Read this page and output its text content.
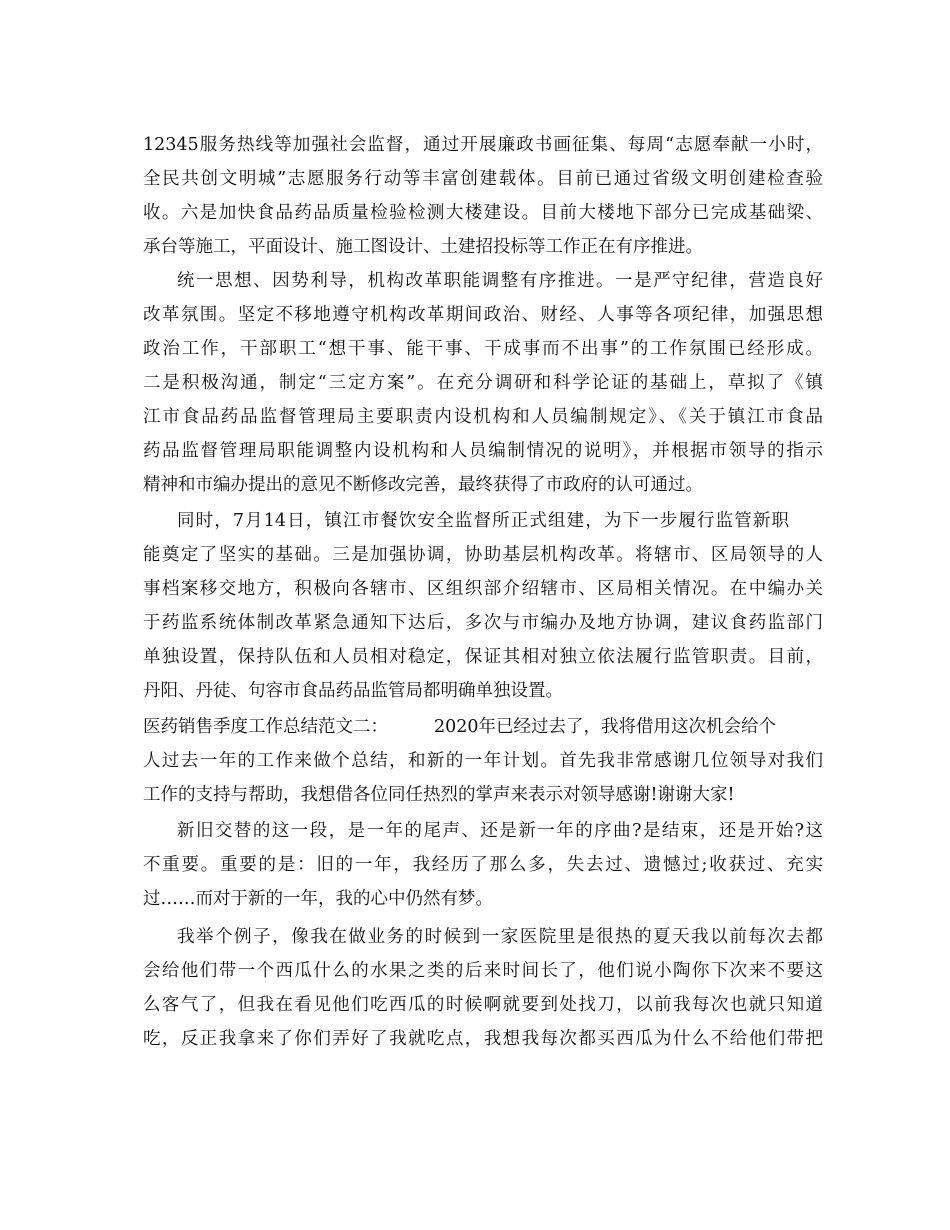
12345服务热线等加强社会监督，通过开展廉政书画征集、每周“志愿奉献一小时，

全民共创文明城”志愿服务行动等丰富创建载体。目前已通过省级文明创建检查验

收。六是加快食品药品质量检验检测大楼建设。目前大楼地下部分已完成基础梁、

承台等施工，平面设计、施工图设计、土建招投标等工作正在有序推进。

统一思想、因势利导，机构改革职能调整有序推进。一是严守纪律，营造良好

改革氛围。坚定不移地遵守机构改革期间政治、财经、人事等各项纪律，加强思想

政治工作，干部职工“想干事、能干事、干成事而不出事”的工作氛围已经形成。

二是积极沟通，制定“三定方案”。在充分调研和科学论证的基础上，草拟了《镇

江市食品药品监督管理局主要职责内设机构和人员编制规定》、《关于镇江市食品

药品监督管理局职能调整内设机构和人员编制情况的说明》，并根据市领导的指示

精神和市编办提出的意见不断修改完善，最终获得了市政府的认可通过。

同时，7月14日，镇江市餐饮安全监督所正式组建，为下一步履行监管新职

能奠定了坚实的基础。三是加强协调，协助基层机构改革。将辖市、区局领导的人

事档案移交地方，积极向各辖市、区组织部介绍辖市、区局相关情况。在中编办关

于药监系统体制改革紧急通知下达后，多次与市编办及地方协调，建议食药监部门

单独设置，保持队伍和人员相对稳定，保证其相对独立依法履行监管职责。目前，

丹阳、丹徒、句容市食品药品监管局都明确单独设置。

医药销售季度工作总结范文二：	2020年已经过去了，我将借用这次机会给个

人过去一年的工作来做个总结，和新的一年计划。首先我非常感谢几位领导对我们

工作的支持与帮助，我想借各位同任热烈的掌声来表示对领导感谢!谢谢大家!

新旧交替的这一段，是一年的尾声、还是新一年的序曲?是结束，还是开始?这

不重要。重要的是：旧的一年，我经历了那么多，失去过、遗憾过;收获过、充实

过……而对于新的一年，我的心中仍然有梦。

我举个例子，像我在做业务的时候到一家医院里是很热的夏天我以前每次去都

会给他们带一个西瓜什么的水果之类的后来时间长了，他们说小陶你下次来不要这

么客气了，但我在看见他们吃西瓜的时候啊就要到处找刀，以前我每次也就只知道

吃，反正我拿来了你们弄好了我就吃点，我想我每次都买西瓜为什么不给他们带把
